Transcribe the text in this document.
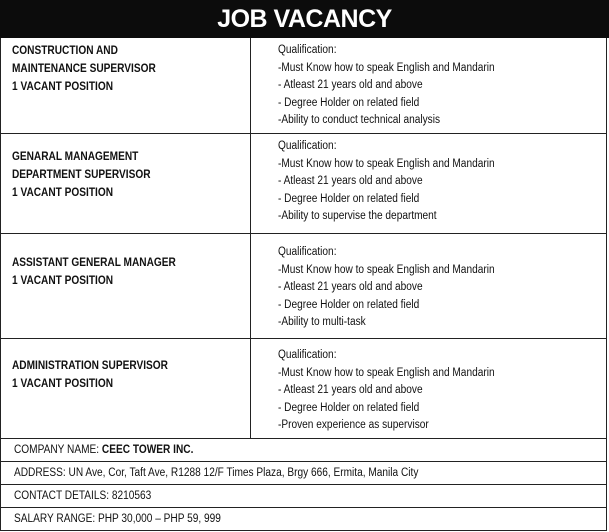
JOB VACANCY
CONSTRUCTION AND
MAINTENANCE SUPERVISOR
1 VACANT POSITION
Qualification:
-Must Know how to speak English and Mandarin
- Atleast 21 years old and above
- Degree Holder on related field
-Ability to conduct technical analysis
GENARAL MANAGEMENT
DEPARTMENT SUPERVISOR
1 VACANT POSITION
Qualification:
-Must Know how to speak English and Mandarin
- Atleast 21 years old and above
- Degree Holder on related field
-Ability to supervise the department
ASSISTANT GENERAL MANAGER
1 VACANT POSITION
Qualification:
-Must Know how to speak English and Mandarin
- Atleast 21 years old and above
- Degree Holder on related field
-Ability to multi-task
ADMINISTRATION SUPERVISOR
1 VACANT POSITION
Qualification:
-Must Know how to speak English and Mandarin
- Atleast 21 years old and above
- Degree Holder on related field
-Proven experience as supervisor
COMPANY NAME: CEEC TOWER INC.
ADDRESS: UN Ave, Cor, Taft Ave, R1288 12/F Times Plaza, Brgy 666, Ermita, Manila City
CONTACT DETAILS: 8210563
SALARY RANGE: PHP 30,000 – PHP 59, 999
